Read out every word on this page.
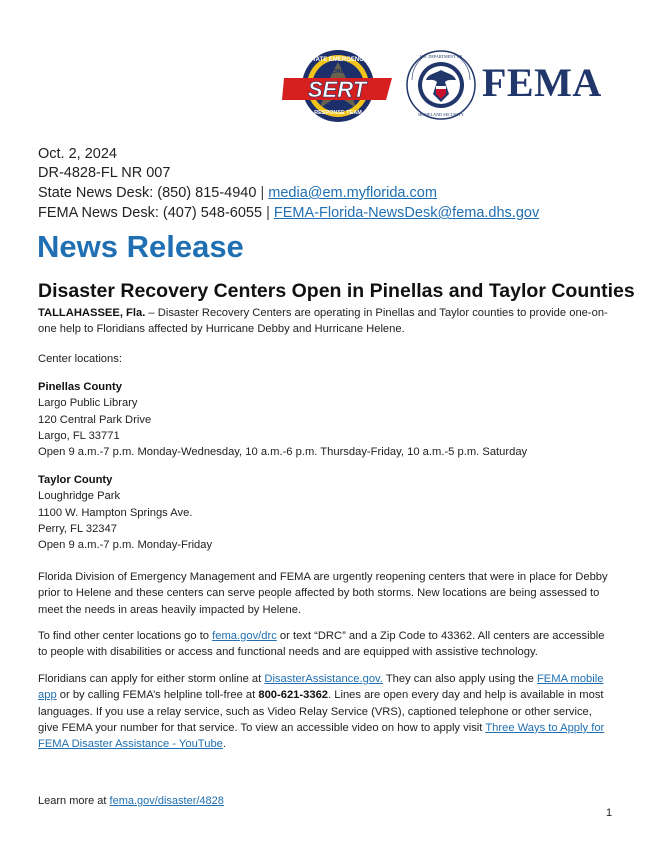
SERT
STATE EMERGENCY
FLORIDA
RESPONSE TEAM
U.S. DEPARTMENT OF
HOMELAND SECURITY
FEMA
Oct. 2, 2024
DR-4828-FL NR 007
State News Desk: (850) 815-4940 | media@em.myflorida.com
FEMA News Desk: (407) 548-6055 | FEMA-Florida-NewsDesk@fema.dhs.gov
News Release
Disaster Recovery Centers Open in Pinellas and Taylor Counties
TALLAHASSEE, Fla. – Disaster Recovery Centers are operating in Pinellas and Taylor counties to provide one-on-one help to Floridians affected by Hurricane Debby and Hurricane Helene.
Center locations:
Pinellas County
Largo Public Library
120 Central Park Drive
Largo, FL 33771
Open 9 a.m.-7 p.m. Monday-Wednesday, 10 a.m.-6 p.m. Thursday-Friday, 10 a.m.-5 p.m. Saturday
Taylor County
Loughridge Park
1100 W. Hampton Springs Ave.
Perry, FL 32347
Open 9 a.m.-7 p.m. Monday-Friday
Florida Division of Emergency Management and FEMA are urgently reopening centers that were in place for Debby prior to Helene and these centers can serve people affected by both storms. New locations are being assessed to meet the needs in areas heavily impacted by Helene.
To find other center locations go to fema.gov/drc or text “DRC” and a Zip Code to 43362. All centers are accessible to people with disabilities or access and functional needs and are equipped with assistive technology.
Floridians can apply for either storm online at DisasterAssistance.gov. They can also apply using the FEMA mobile app or by calling FEMA’s helpline toll-free at 800-621-3362. Lines are open every day and help is available in most languages. If you use a relay service, such as Video Relay Service (VRS), captioned telephone or other service, give FEMA your number for that service. To view an accessible video on how to apply visit Three Ways to Apply for FEMA Disaster Assistance - YouTube.
Learn more at fema.gov/disaster/4828
1
